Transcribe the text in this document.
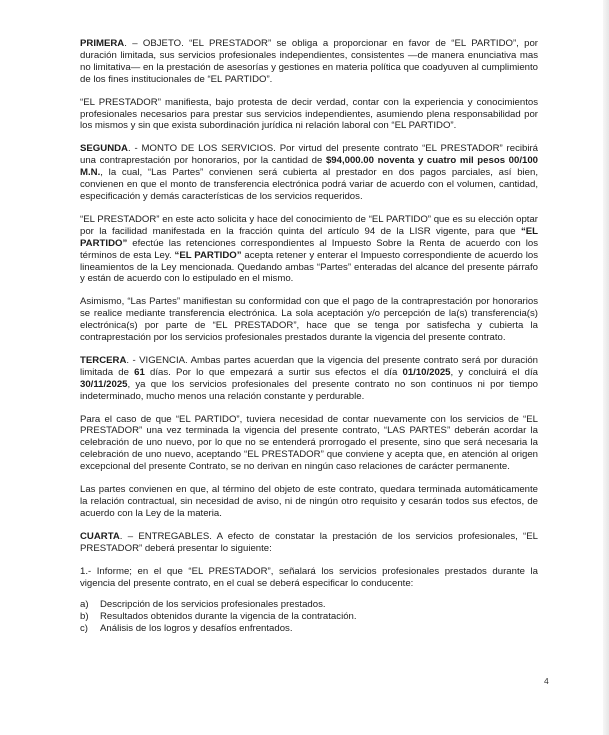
PRIMERA. – OBJETO. “EL PRESTADOR” se obliga a proporcionar en favor de “EL PARTIDO”, por duración limitada, sus servicios profesionales independientes, consistentes —de manera enunciativa mas no limitativa— en la prestación de asesorías y gestiones en materia política que coadyuven al cumplimiento de los fines institucionales de “EL PARTIDO”.

“EL PRESTADOR” manifiesta, bajo protesta de decir verdad, contar con la experiencia y conocimientos profesionales necesarios para prestar sus servicios independientes, asumiendo plena responsabilidad por los mismos y sin que exista subordinación jurídica ni relación laboral con “EL PARTIDO”.

SEGUNDA. - MONTO DE LOS SERVICIOS. Por virtud del presente contrato “EL PRESTADOR” recibirá una contraprestación por honorarios, por la cantidad de $94,000.00 noventa y cuatro mil pesos 00/100 M.N., la cual, “Las Partes” convienen será cubierta al prestador en dos pagos parciales, así bien, convienen en que el monto de transferencia electrónica podrá variar de acuerdo con el volumen, cantidad, especificación y demás características de los servicios requeridos.

“EL PRESTADOR” en este acto solicita y hace del conocimiento de “EL PARTIDO” que es su elección optar por la facilidad manifestada en la fracción quinta del artículo 94 de la LISR vigente, para que “EL PARTIDO” efectúe las retenciones correspondientes al Impuesto Sobre la Renta de acuerdo con los términos de esta Ley. “EL PARTIDO” acepta retener y enterar el Impuesto correspondiente de acuerdo los lineamientos de la Ley mencionada. Quedando ambas “Partes” enteradas del alcance del presente párrafo y están de acuerdo con lo estipulado en el mismo.

Asimismo, “Las Partes” manifiestan su conformidad con que el pago de la contraprestación por honorarios se realice mediante transferencia electrónica. La sola aceptación y/o percepción de la(s) transferencia(s) electrónica(s) por parte de “EL PRESTADOR”, hace que se tenga por satisfecha y cubierta la contraprestación por los servicios profesionales prestados durante la vigencia del presente contrato.

TERCERA. - VIGENCIA. Ambas partes acuerdan que la vigencia del presente contrato será por duración limitada de 61 días. Por lo que empezará a surtir sus efectos el día 01/10/2025, y concluirá el día 30/11/2025, ya que los servicios profesionales del presente contrato no son continuos ni por tiempo indeterminado, mucho menos una relación constante y perdurable.

Para el caso de que “EL PARTIDO”, tuviera necesidad de contar nuevamente con los servicios de “EL PRESTADOR” una vez terminada la vigencia del presente contrato, “LAS PARTES” deberán acordar la celebración de uno nuevo, por lo que no se entenderá prorrogado el presente, sino que será necesaria la celebración de uno nuevo, aceptando “EL PRESTADOR” que conviene y acepta que, en atención al origen excepcional del presente Contrato, se no derivan en ningún caso relaciones de carácter permanente.

Las partes convienen en que, al término del objeto de este contrato, quedara terminada automáticamente la relación contractual, sin necesidad de aviso, ni de ningún otro requisito y cesarán todos sus efectos, de acuerdo con la Ley de la materia.

CUARTA. – ENTREGABLES. A efecto de constatar la prestación de los servicios profesionales, “EL PRESTADOR” deberá presentar lo siguiente:

1.- Informe; en el que “EL PRESTADOR”, señalará los servicios profesionales prestados durante la vigencia del presente contrato, en el cual se deberá especificar lo conducente:

a)	Descripción de los servicios profesionales prestados.
b)	Resultados obtenidos durante la vigencia de la contratación.
c)	Análisis de los logros y desafíos enfrentados.
4
